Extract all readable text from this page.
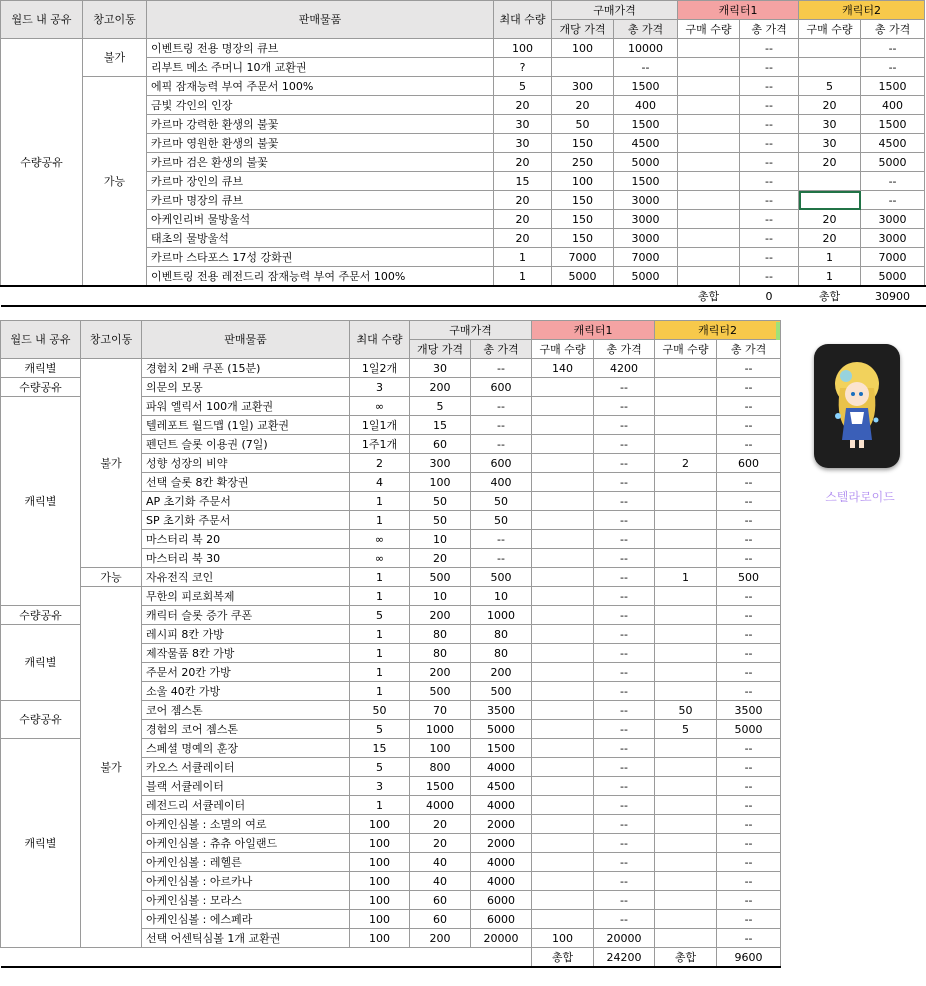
월드 내 공유	창고이동	판매물품	최대 수량	구매가격		캐릭터1		캐릭터2		
				개당 가격	총 가격	구매 수량	총 가격	구매 수량	총 가격	
수량공유	불가	이벤트링 전용 명장의 큐브	100	100	10000		--		--	
		리부트 메소 주머니 10개 교환권	?		--		--		--	
	가능	에픽 잠재능력 부여 주문서 100%	5	300	1500		--	5	1500	
		금빛 각인의 인장	20	20	400		--	20	400	
		카르마 강력한 환생의 불꽃	30	50	1500		--	30	1500	
		카르마 영원한 환생의 불꽃	30	150	4500		--	30	4500	
		카르마 검은 환생의 불꽃	20	250	5000		--	20	5000	
		카르마 장인의 큐브	15	100	1500		--		--	
		카르마 명장의 큐브	20	150	3000		--		--	
		아케인리버 물방울석	20	150	3000		--	20	3000	
		태초의 물방울석	20	150	3000		--	20	3000	
		카르마 스타포스 17성 강화권	1	7000	7000		--	1	7000	
		이벤트링 전용 레전드리 잠재능력 부여 주문서 100%	1	5000	5000		--	1	5000	
						총합	0	총합	30900	
월드 내 공유	창고이동	판매물품	최대 수량	구매가격		캐릭터1		캐릭터2	
				개당 가격	총 가격	구매 수량	총 가격	구매 수량	총 가격
캐릭별	불가	경험치 2배 쿠폰 (15분)	1일2개	30	--	140	4200		--
수량공유		의문의 모몽	3	200	600		--		--
캐릭별		파워 엘릭서 100개 교환권	∞	5	--		--		--
		텔레포트 월드맵 (1일) 교환권	1일1개	15	--		--		--
		펜던트 슬롯 이용권 (7일)	1주1개	60	--		--		--
		성향 성장의 비약	2	300	600		--	2	600
		선택 슬롯 8칸 확장권	4	100	400		--		--
		AP 초기화 주문서	1	50	50		--		--
		SP 초기화 주문서	1	50	50		--		--
		마스터리 북 20	∞	10	--		--		--
		마스터리 북 30	∞	20	--		--		--
	가능	자유전직 코인	1	500	500		--	1	500
	불가	무한의 피로회복제	1	10	10		--		--
수량공유		캐릭터 슬롯 증가 쿠폰	5	200	1000		--		--
캐릭별		레시피 8칸 가방	1	80	80		--		--
		제작물품 8칸 가방	1	80	80		--		--
		주문서 20칸 가방	1	200	200		--		--
		소울 40칸 가방	1	500	500		--		--
수량공유		코어 젬스톤	50	70	3500		--	50	3500
		경험의 코어 젬스톤	5	1000	5000		--	5	5000
캐릭별		스페셜 명예의 훈장	15	100	1500		--		--
		카오스 서큘레이터	5	800	4000		--		--
		블랙 서큘레이터	3	1500	4500		--		--
		레전드리 서큘레이터	1	4000	4000		--		--
		아케인심볼 : 소멸의 여로	100	20	2000		--		--
		아케인심볼 : 츄츄 아일랜드	100	20	2000		--		--
		아케인심볼 : 레헬른	100	40	4000		--		--
		아케인심볼 : 아르카나	100	40	4000		--		--
		아케인심볼 : 모라스	100	60	6000		--		--
		아케인심볼 : 에스페라	100	60	6000		--		--
		선택 어센틱심볼 1개 교환권	100	200	20000	100	20000		--
						총합	24200	총합	9600
스텔라로이드
